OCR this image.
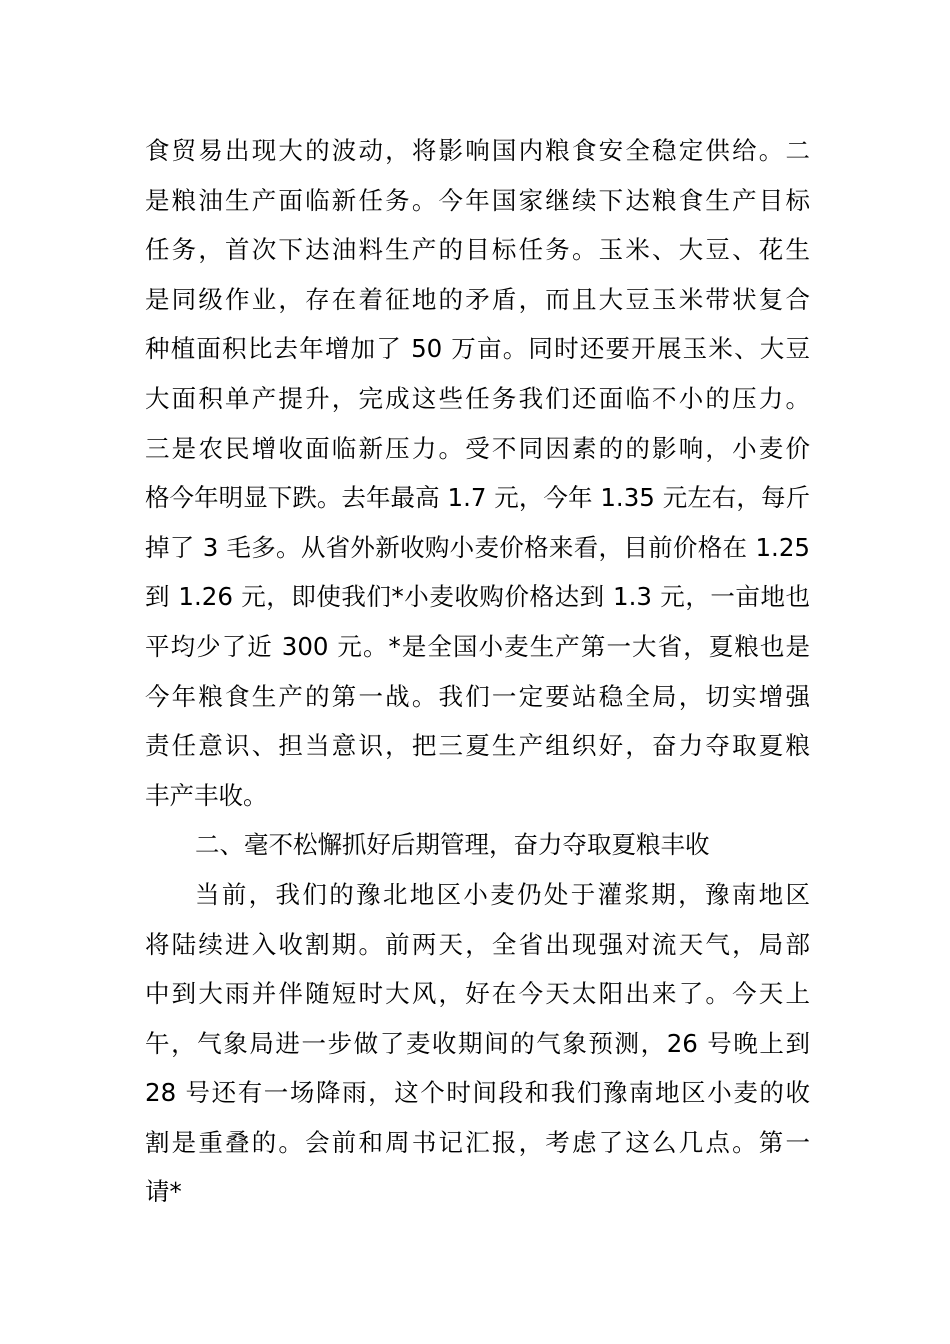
食贸易出现大的波动，将影响国内粮食安全稳定供给。二
是粮油生产面临新任务。今年国家继续下达粮食生产目标
任务，首次下达油料生产的目标任务。玉米、大豆、花生
是同级作业，存在着征地的矛盾，而且大豆玉米带状复合
种植面积比去年增加了 50 万亩。同时还要开展玉米、大豆
大面积单产提升，完成这些任务我们还面临不小的压力。
三是农民增收面临新压力。受不同因素的的影响，小麦价
格今年明显下跌。去年最高 1.7 元，今年 1.35 元左右，每斤
掉了 3 毛多。从省外新收购小麦价格来看，目前价格在 1.25
到 1.26 元，即使我们*小麦收购价格达到 1.3 元，一亩地也
平均少了近 300 元。*是全国小麦生产第一大省，夏粮也是
今年粮食生产的第一战。我们一定要站稳全局，切实增强
责任意识、担当意识，把三夏生产组织好，奋力夺取夏粮
丰产丰收。
二、毫不松懈抓好后期管理，奋力夺取夏粮丰收
当前，我们的豫北地区小麦仍处于灌浆期，豫南地区
将陆续进入收割期。前两天，全省出现强对流天气，局部
中到大雨并伴随短时大风，好在今天太阳出来了。今天上
午，气象局进一步做了麦收期间的气象预测，26 号晚上到
28 号还有一场降雨，这个时间段和我们豫南地区小麦的收
割是重叠的。会前和周书记汇报，考虑了这么几点。第一
请*
